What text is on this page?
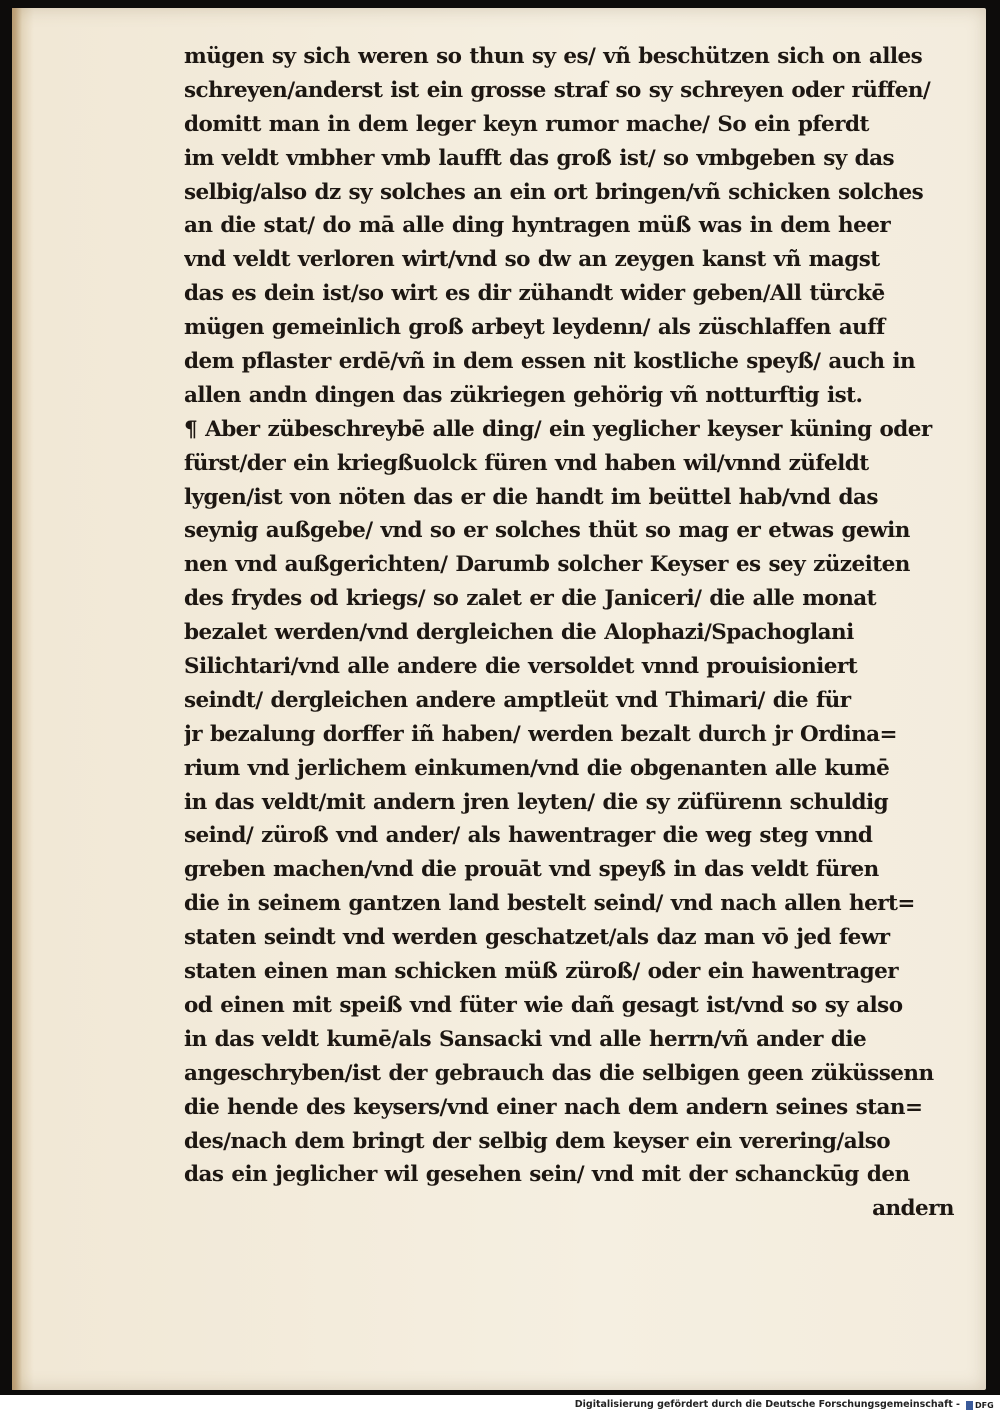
mügen sy sich weren so thun sy es/ vñ beschützen sich on alles
schreyen/anderst ist ein grosse straf so sy schreyen oder rüffen/
domitt man in dem leger keyn rumor mache/ So ein pferdt
im veldt vmbher vmb laufft das groß ist/ so vmbgeben sy das
selbig/also dz sy solches an ein ort bringen/vñ schicken solches
an die stat/ do mā alle ding hyntragen müß was in dem heer
vnd veldt verloren wirt/vnd so dw an zeygen kanst vñ magst
das es dein ist/so wirt es dir zühandt wider geben/All türckē
mügen gemeinlich groß arbeyt leydenn/ als züschlaffen auff
dem pflaster erdē/vñ in dem essen nit kostliche speyß/ auch in
allen andn dingen das zükriegen gehörig vñ notturftig ist.
¶ Aber zübeschreybē alle ding/ ein yeglicher keyser küning oder
fürst/der ein kriegßuolck füren vnd haben wil/vnnd züfeldt
lygen/ist von nöten das er die handt im beüttel hab/vnd das
seynig außgebe/ vnd so er solches thüt so mag er etwas gewin
nen vnd außgerichten/ Darumb solcher Keyser es sey züzeiten
des frydes od kriegs/ so zalet er die Janiceri/ die alle monat
bezalet werden/vnd dergleichen die Alophazi/Spachoglani
Silichtari/vnd alle andere die versoldet vnnd prouisioniert
seindt/ dergleichen andere amptleüt vnd Thimari/ die für
jr bezalung dorffer iñ haben/ werden bezalt durch jr Ordina=
rium vnd jerlichem einkumen/vnd die obgenanten alle kumē
in das veldt/mit andern jren leyten/ die sy züfürenn schuldig
seind/ züroß vnd ander/ als hawentrager die weg steg vnnd
greben machen/vnd die prouāt vnd speyß in das veldt füren
die in seinem gantzen land bestelt seind/ vnd nach allen hert=
staten seindt vnd werden geschatzet/als daz man vō jed fewr
staten einen man schicken müß züroß/ oder ein hawentrager
od einen mit speiß vnd füter wie dañ gesagt ist/vnd so sy also
in das veldt kumē/als Sansacki vnd alle herrn/vñ ander die
angeschryben/ist der gebrauch das die selbigen geen züküssenn
die hende des keysers/vnd einer nach dem andern seines stan=
des/nach dem bringt der selbig dem keyser ein verering/also
das ein jeglicher wil gesehen sein/ vnd mit der schanckūg den
andern
Digitalisierung gefördert durch die Deutsche Forschungsgemeinschaft - DFG
